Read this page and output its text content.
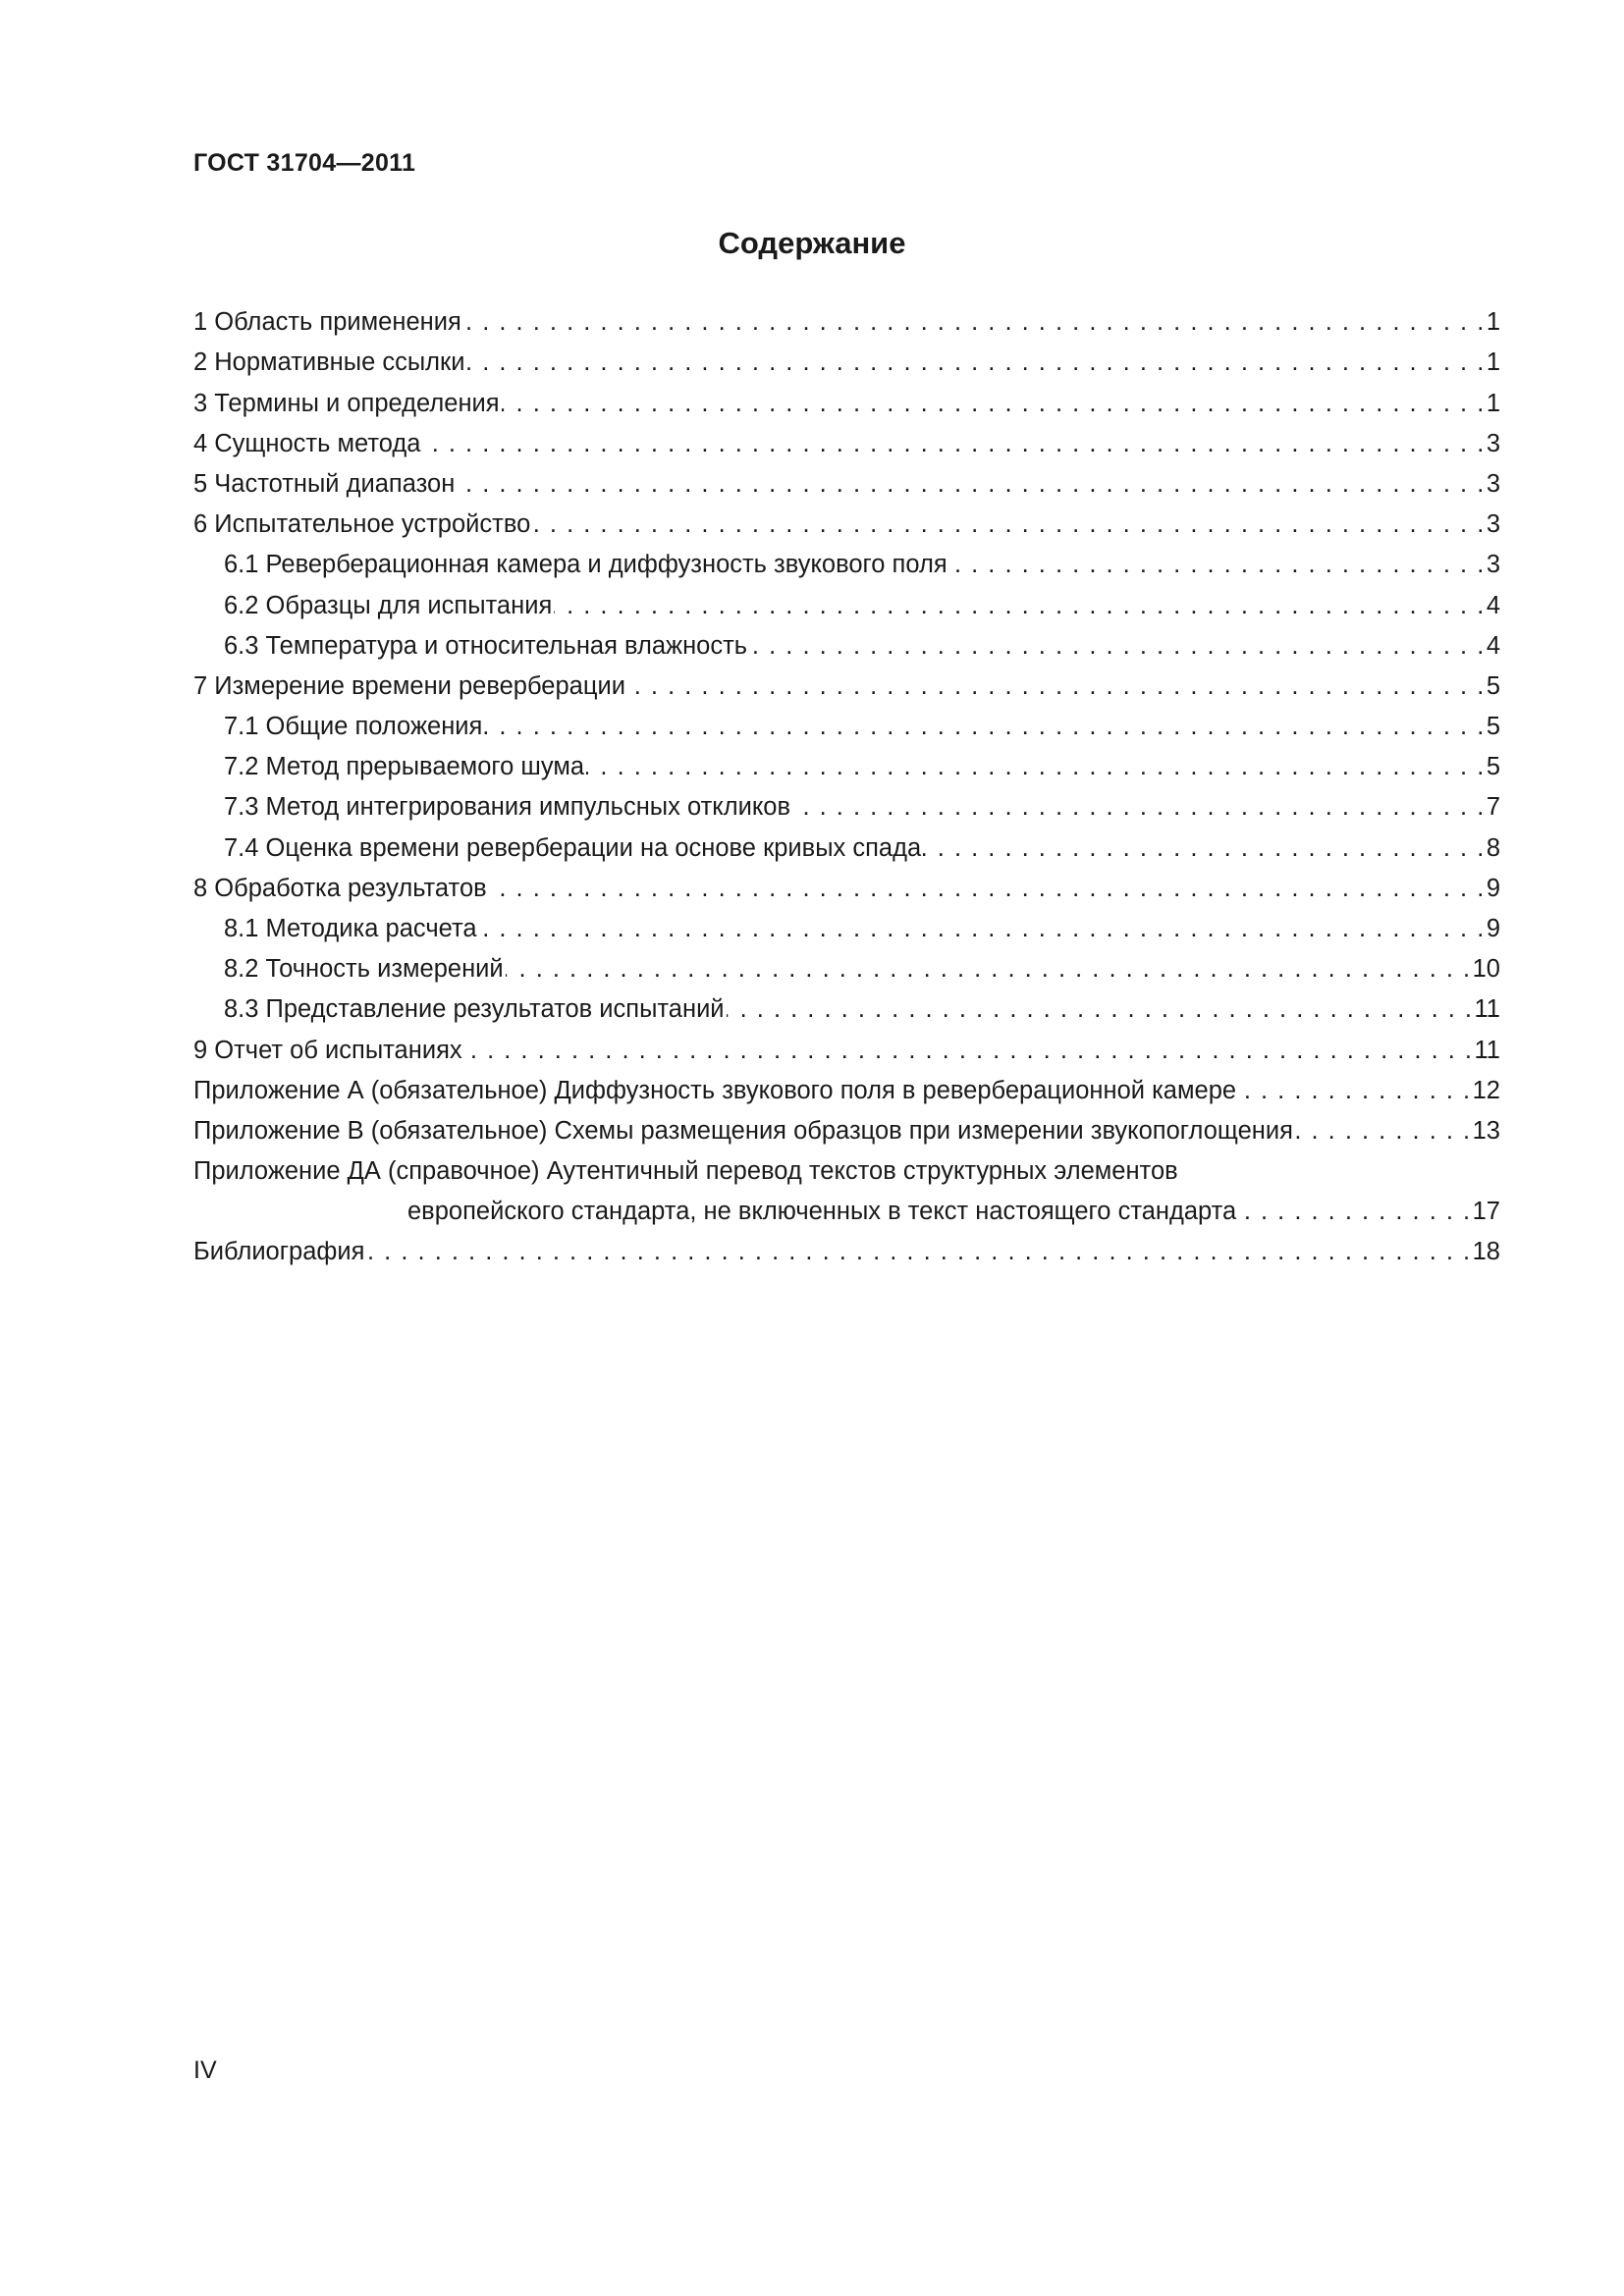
ГОСТ 31704—2011
Содержание
1 Область применения . . .	1
2 Нормативные ссылки . . .	1
3 Термины и определения . . .	1
4 Сущность метода . . .	3
5 Частотный диапазон . . .	3
6 Испытательное устройство . . .	3
6.1 Реверберационная камера и диффузность звукового поля . . .	3
6.2 Образцы для испытания . . .	4
6.3 Температура и относительная влажность . . .	4
7 Измерение времени реверберации . . .	5
7.1 Общие положения . . .	5
7.2 Метод прерываемого шума . . .	5
7.3 Метод интегрирования импульсных откликов . . .	7
7.4 Оценка времени реверберации на основе кривых спада . . .	8
8 Обработка результатов . . .	9
8.1 Методика расчета . . .	9
8.2 Точность измерений . . .	10
8.3 Представление результатов испытаний . . .	11
9 Отчет об испытаниях . . .	11
Приложение А (обязательное) Диффузность звукового поля в реверберационной камере . . .	12
Приложение В (обязательное) Схемы размещения образцов при измерении звукопоглощения . . .	13
Приложение ДА (справочное) Аутентичный перевод текстов структурных элементов
европейского стандарта, не включенных в текст настоящего стандарта . . .	17
Библиография . . .	18
IV
